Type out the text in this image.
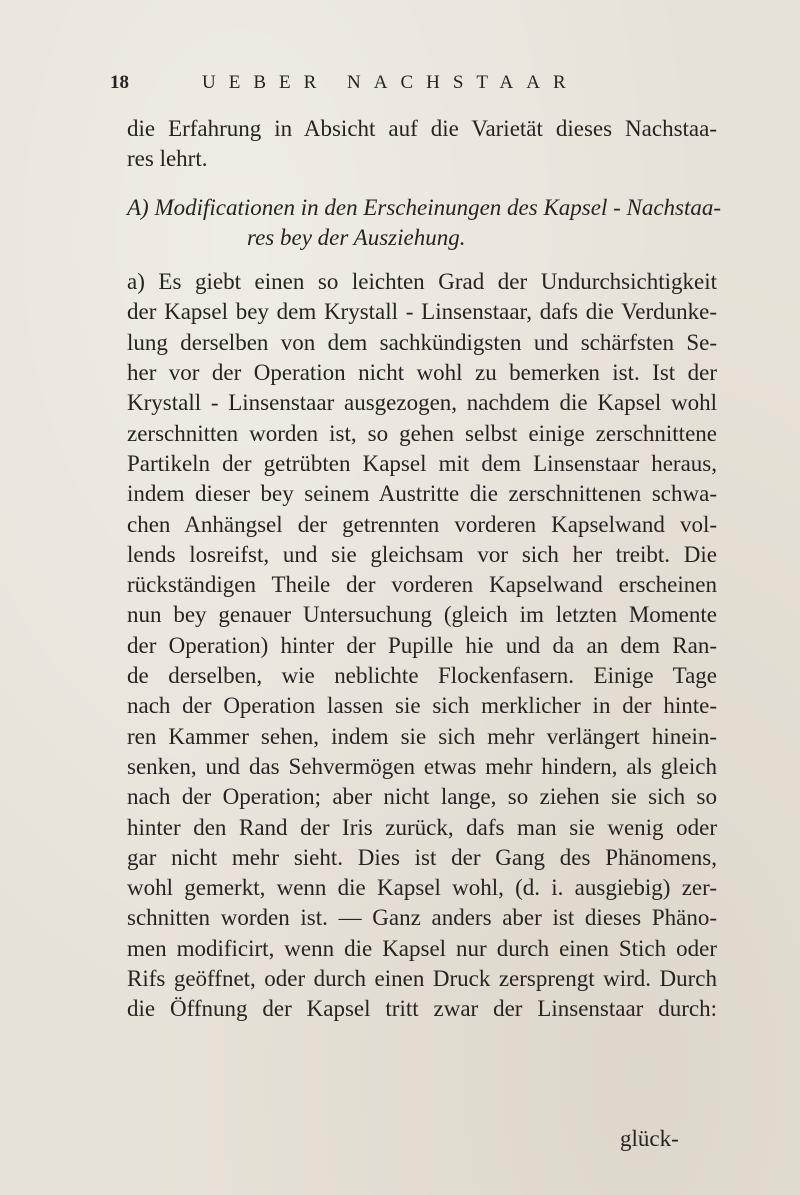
18	UEBER NACHSTAAR
die Erfahrung in Absicht auf die Varietät dieses Nachstaa-
res lehrt.
A) Modificationen in den Erscheinungen des Kapsel - Nachstaa-
res bey der Ausziehung.
a) Es giebt einen so leichten Grad der Undurchsichtigkeit
der Kapsel bey dem Krystall - Linsenstaar, dafs die Verdunke-
lung derselben von dem sachkündigsten und schärfsten Se-
her vor der Operation nicht wohl zu bemerken ist. Ist der
Krystall - Linsenstaar ausgezogen, nachdem die Kapsel wohl
zerschnitten worden ist, so gehen selbst einige zerschnittene
Partikeln der getrübten Kapsel mit dem Linsenstaar heraus,
indem dieser bey seinem Austritte die zerschnittenen schwa-
chen Anhängsel der getrennten vorderen Kapselwand vol-
lends losreifst, und sie gleichsam vor sich her treibt. Die
rückständigen Theile der vorderen Kapselwand erscheinen
nun bey genauer Untersuchung (gleich im letzten Momente
der Operation) hinter der Pupille hie und da an dem Ran-
de derselben, wie neblichte Flockenfasern. Einige Tage
nach der Operation lassen sie sich merklicher in der hinte-
ren Kammer sehen, indem sie sich mehr verlängert hinein-
senken, und das Sehvermögen etwas mehr hindern, als gleich
nach der Operation; aber nicht lange, so ziehen sie sich so
hinter den Rand der Iris zurück, dafs man sie wenig oder
gar nicht mehr sieht. Dies ist der Gang des Phänomens,
wohl gemerkt, wenn die Kapsel wohl, (d. i. ausgiebig) zer-
schnitten worden ist. — Ganz anders aber ist dieses Phäno-
men modificirt, wenn die Kapsel nur durch einen Stich oder
Rifs geöffnet, oder durch einen Druck zersprengt wird. Durch
die Öffnung der Kapsel tritt zwar der Linsenstaar durch:
glück-
